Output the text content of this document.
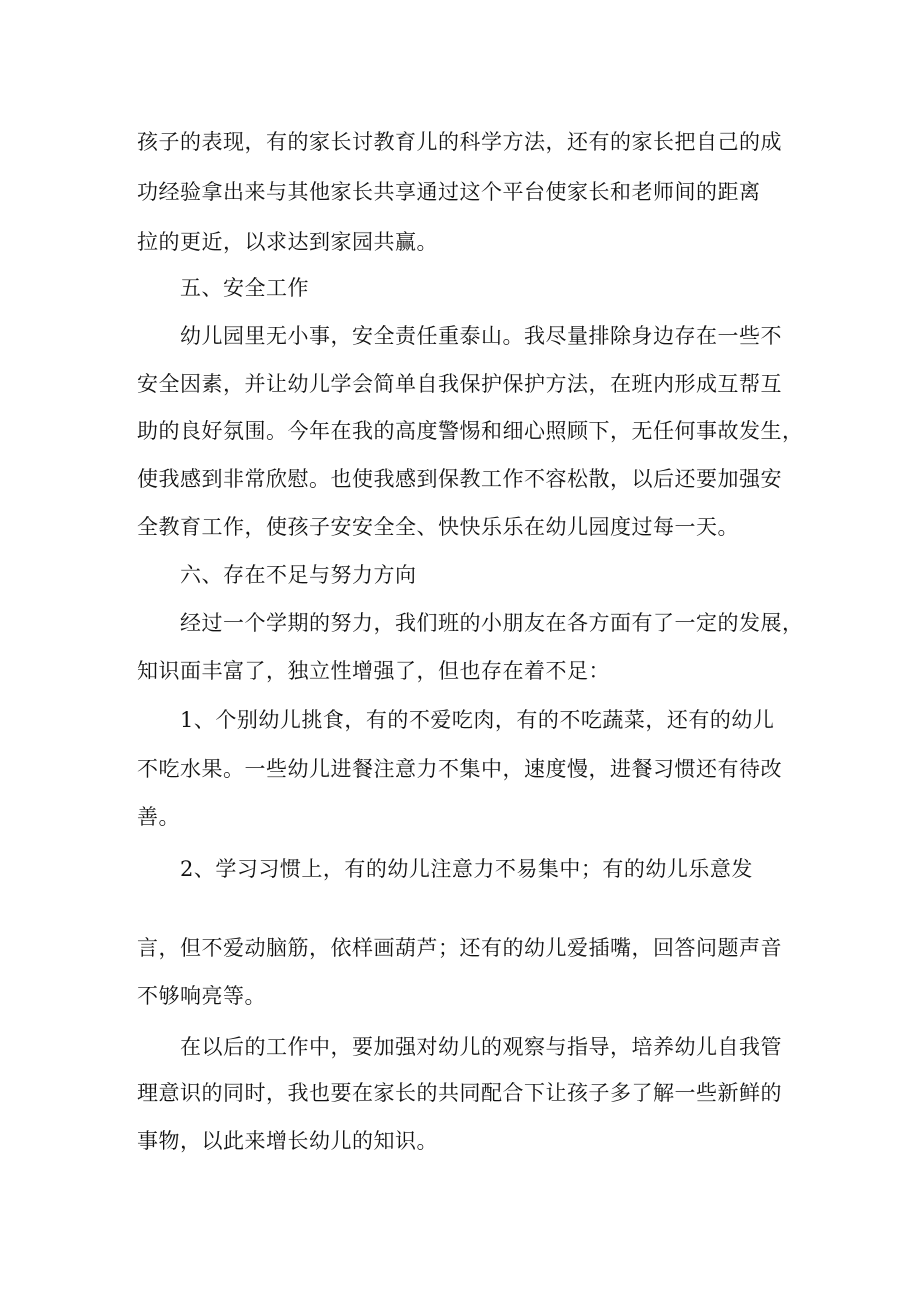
孩子的表现，有的家长讨教育儿的科学方法，还有的家长把自己的成
功经验拿出来与其他家长共享通过这个平台使家长和老师间的距离
拉的更近，以求达到家园共赢。
五、安全工作
幼儿园里无小事，安全责任重泰山。我尽量排除身边存在一些不
安全因素，并让幼儿学会简单自我保护保护方法，在班内形成互帮互
助的良好氛围。今年在我的高度警惕和细心照顾下，无任何事故发生，
使我感到非常欣慰。也使我感到保教工作不容松散，以后还要加强安
全教育工作，使孩子安安全全、快快乐乐在幼儿园度过每一天。
六、存在不足与努力方向
经过一个学期的努力，我们班的小朋友在各方面有了一定的发展，
知识面丰富了，独立性增强了，但也存在着不足：
1、个别幼儿挑食，有的不爱吃肉，有的不吃蔬菜，还有的幼儿
不吃水果。一些幼儿进餐注意力不集中，速度慢，进餐习惯还有待改
善。
2、学习习惯上，有的幼儿注意力不易集中；有的幼儿乐意发
言，但不爱动脑筋，依样画葫芦；还有的幼儿爱插嘴，回答问题声音
不够响亮等。
在以后的工作中，要加强对幼儿的观察与指导，培养幼儿自我管
理意识的同时，我也要在家长的共同配合下让孩子多了解一些新鲜的
事物，以此来增长幼儿的知识。
